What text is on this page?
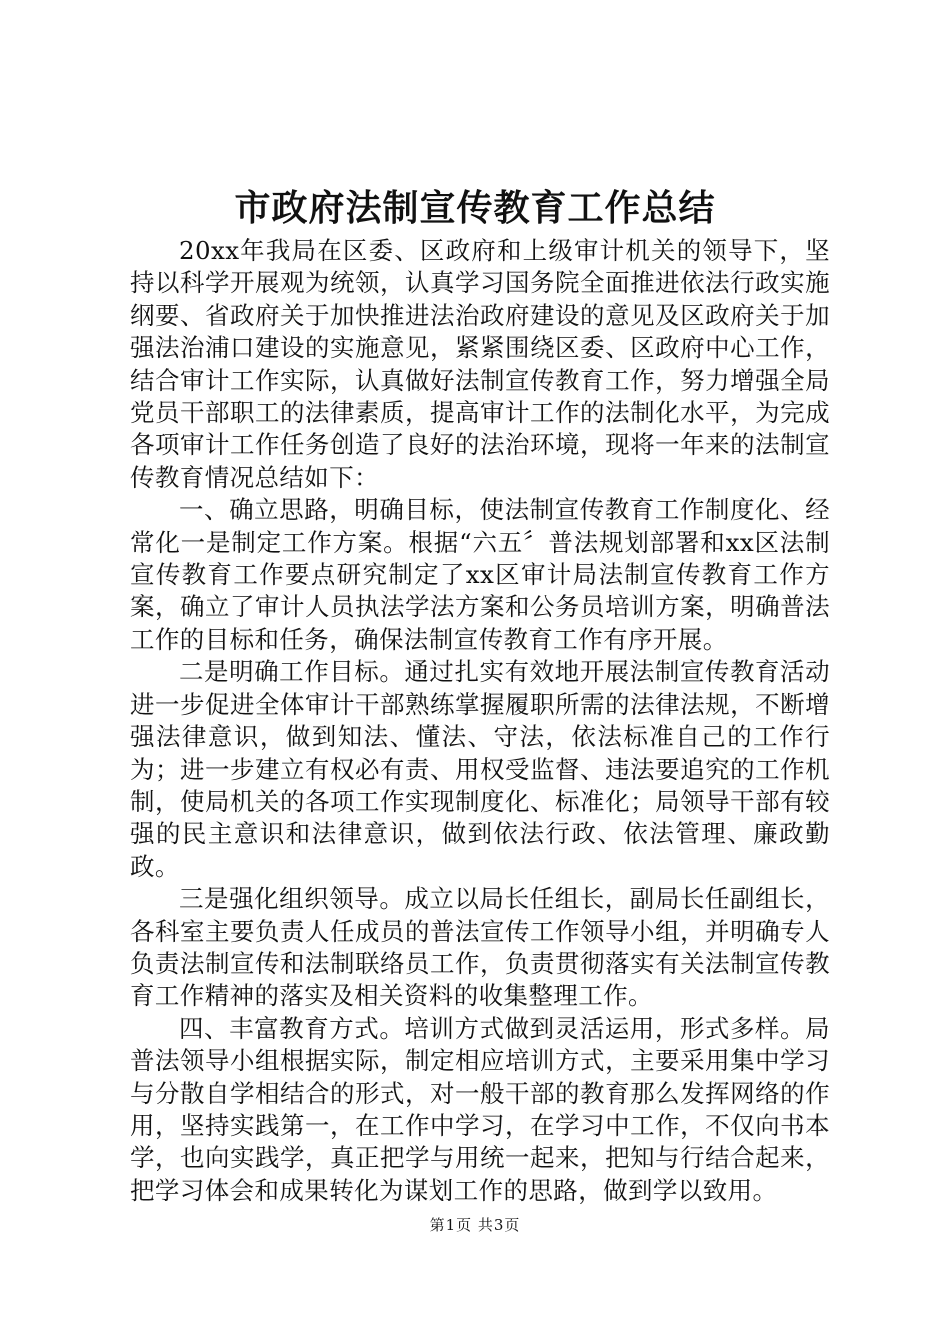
市政府法制宣传教育工作总结

20xx年我局在区委、区政府和上级审计机关的领导下，坚持以科学开展观为统领，认真学习国务院全面推进依法行政实施纲要、省政府关于加快推进法治政府建设的意见及区政府关于加强法治浦口建设的实施意见，紧紧围绕区委、区政府中心工作，结合审计工作实际，认真做好法制宣传教育工作，努力增强全局党员干部职工的法律素质，提高审计工作的法制化水平，为完成各项审计工作任务创造了良好的法治环境，现将一年来的法制宣传教育情况总结如下：

一、确立思路，明确目标，使法制宣传教育工作制度化、经常化一是制定工作方案。根据“六五〞普法规划部署和xx区法制宣传教育工作要点研究制定了xx区审计局法制宣传教育工作方案，确立了审计人员执法学法方案和公务员培训方案，明确普法工作的目标和任务，确保法制宣传教育工作有序开展。

二是明确工作目标。通过扎实有效地开展法制宣传教育活动进一步促进全体审计干部熟练掌握履职所需的法律法规，不断增强法律意识，做到知法、懂法、守法，依法标准自己的工作行为；进一步建立有权必有责、用权受监督、违法要追究的工作机制，使局机关的各项工作实现制度化、标准化；局领导干部有较强的民主意识和法律意识，做到依法行政、依法管理、廉政勤政。

三是强化组织领导。成立以局长任组长，副局长任副组长，各科室主要负责人任成员的普法宣传工作领导小组，并明确专人负责法制宣传和法制联络员工作，负责贯彻落实有关法制宣传教育工作精神的落实及相关资料的收集整理工作。

四、丰富教育方式。培训方式做到灵活运用，形式多样。局普法领导小组根据实际，制定相应培训方式，主要采用集中学习与分散自学相结合的形式，对一般干部的教育那么发挥网络的作用，坚持实践第一，在工作中学习，在学习中工作，不仅向书本学，也向实践学，真正把学与用统一起来，把知与行结合起来，把学习体会和成果转化为谋划工作的思路，做到学以致用。

第1页 共3页
